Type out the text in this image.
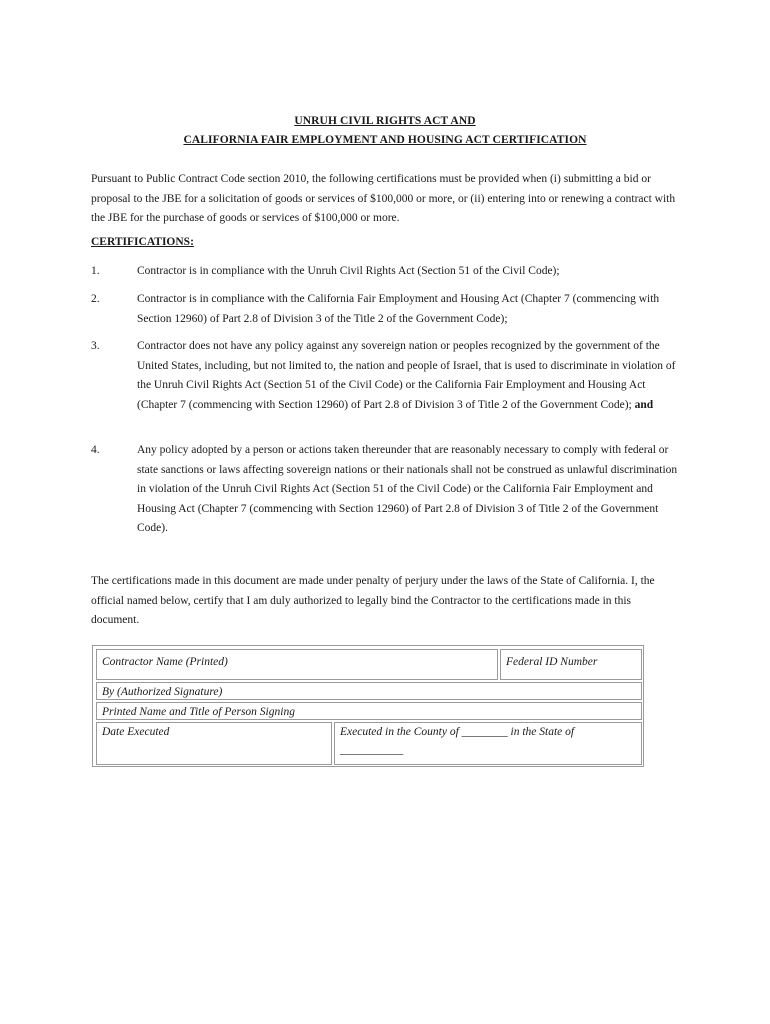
UNRUH CIVIL RIGHTS ACT AND
CALIFORNIA FAIR EMPLOYMENT AND HOUSING ACT CERTIFICATION
Pursuant to Public Contract Code section 2010, the following certifications must be provided when (i) submitting a bid or proposal to the JBE for a solicitation of goods or services of $100,000 or more, or (ii) entering into or renewing a contract with the JBE for the purchase of goods or services of $100,000 or more.
CERTIFICATIONS:
1.	Contractor is in compliance with the Unruh Civil Rights Act (Section 51 of the Civil Code);
2.	Contractor is in compliance with the California Fair Employment and Housing Act (Chapter 7 (commencing with Section 12960) of Part 2.8 of Division 3 of the Title 2 of the Government Code);
3.	Contractor does not have any policy against any sovereign nation or peoples recognized by the government of the United States, including, but not limited to, the nation and people of Israel, that is used to discriminate in violation of the Unruh Civil Rights Act (Section 51 of the Civil Code) or the California Fair Employment and Housing Act (Chapter 7 (commencing with Section 12960) of Part 2.8 of Division 3 of Title 2 of the Government Code); and
4.	Any policy adopted by a person or actions taken thereunder that are reasonably necessary to comply with federal or state sanctions or laws affecting sovereign nations or their nationals shall not be construed as unlawful discrimination in violation of the Unruh Civil Rights Act (Section 51 of the Civil Code) or the California Fair Employment and Housing Act (Chapter 7 (commencing with Section 12960) of Part 2.8 of Division 3 of Title 2 of the Government Code).
The certifications made in this document are made under penalty of perjury under the laws of the State of California. I, the official named below, certify that I am duly authorized to legally bind the Contractor to the certifications made in this document.
Contractor Name (Printed)	Federal ID Number
By (Authorized Signature)
Printed Name and Title of Person Signing
Date Executed	Executed in the County of ________ in the State of ___________
